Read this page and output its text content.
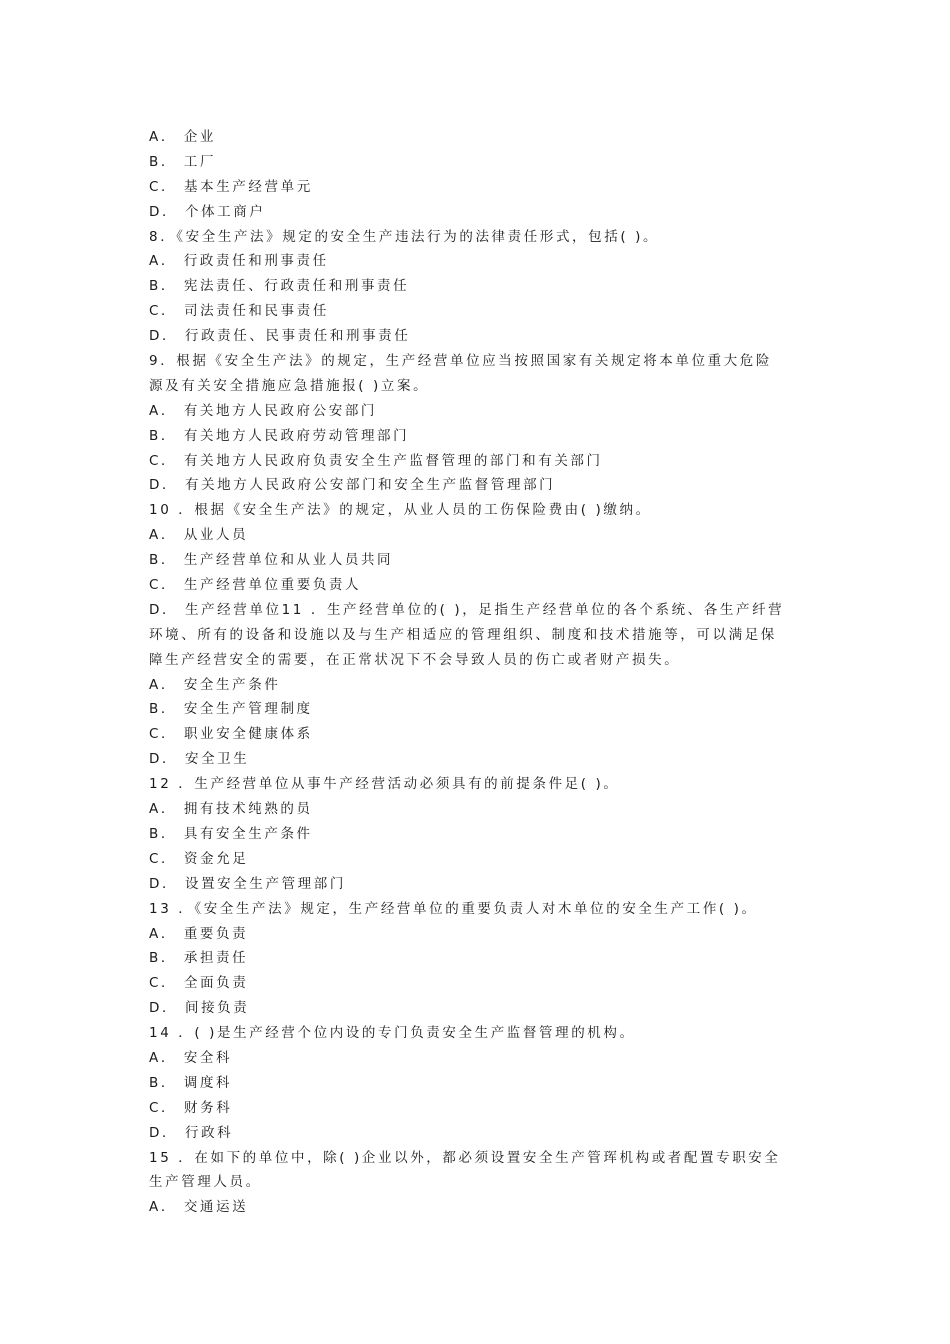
A． 企业
B． 工厂
C． 基本生产经营单元
D． 个体工商户
8．《安全生产法》规定的安全生产违法行为的法律责任形式，包括( )。
A． 行政责任和刑事责任
B． 宪法责任、行政责任和刑事责任
C． 司法责任和民事责任
D． 行政责任、民事责任和刑事责任
9．根据《安全生产法》的规定，生产经营单位应当按照国家有关规定将本单位重大危险
源及有关安全措施应急措施报( )立案。
A． 有关地方人民政府公安部门
B． 有关地方人民政府劳动管理部门
C． 有关地方人民政府负责安全生产监督管理的部门和有关部门
D． 有关地方人民政府公安部门和安全生产监督管理部门
10 ．根据《安全生产法》的规定，从业人员的工伤保险费由( )缴纳。
A． 从业人员
B． 生产经营单位和从业人员共同
C． 生产经营单位重要负责人
D． 生产经营单位11 ．生产经营单位的( )，足指生产经营单位的各个系统、各生产纤营
环境、所有的设备和设施以及与生产相适应的管理组织、制度和技术措施等，可以满足保
障生产经营安全的需要，在正常状况下不会导致人员的伤亡或者财产损失。
A． 安全生产条件
B． 安全生产管理制度
C． 职业安全健康体系
D． 安全卫生
12 ．生产经营单位从事牛产经营活动必须具有的前提条件足( )。
A． 拥有技术纯熟的员
B． 具有安全生产条件
C． 资金允足
D． 设置安全生产管理部门
13 ．《安全生产法》规定，生产经营单位的重要负责人对木单位的安全生产工作( )。
A． 重要负责
B． 承担责任
C． 全面负责
D． 间接负责
14 ．( )是生产经营个位内设的专门负责安全生产监督管理的机构。
A． 安全科
B． 调度科
C． 财务科
D． 行政科
15 ．在如下的单位中，除( )企业以外，都必须设置安全生产管珲机构或者配置专职安全
生产管理人员。
A． 交通运送
